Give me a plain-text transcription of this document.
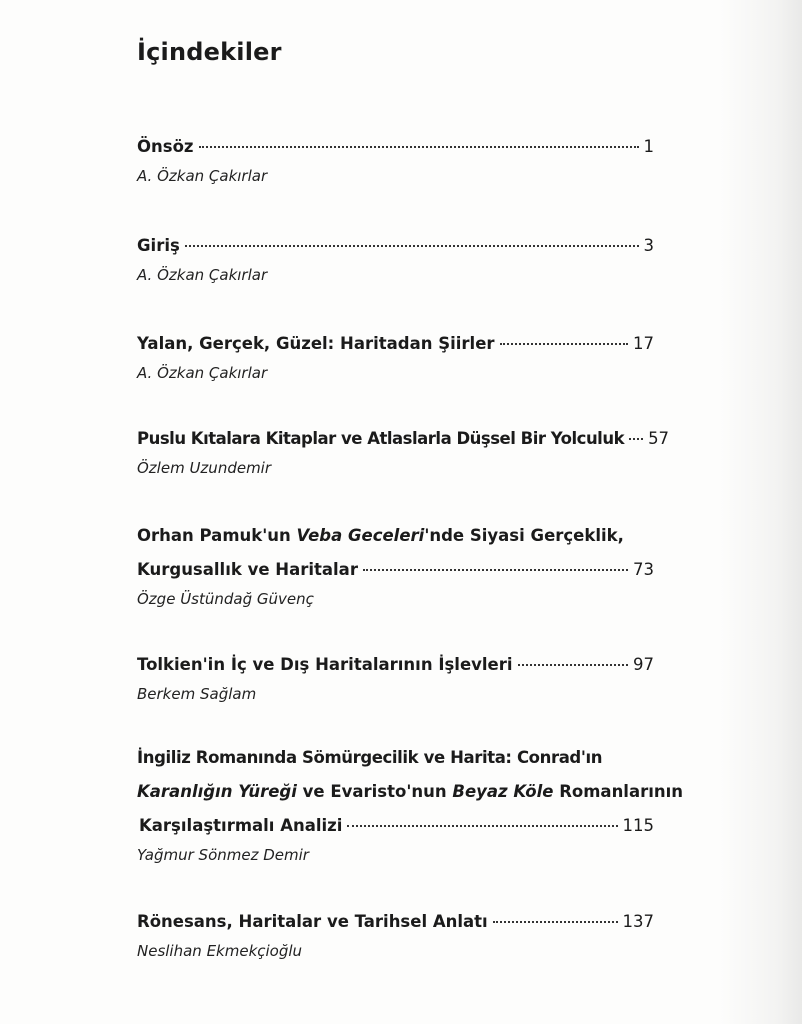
İçindekiler
Önsöz	1
A. Özkan Çakırlar
Giriş	3
A. Özkan Çakırlar
Yalan, Gerçek, Güzel: Haritadan Şiirler	17
A. Özkan Çakırlar
Puslu Kıtalara Kitaplar ve Atlaslarla Düşsel Bir Yolculuk 57
Özlem Uzundemir
Orhan Pamuk'un Veba Geceleri 'nde Siyasi Gerçeklik,
Kurgusallık ve Haritalar	73
Özge Üstündağ Güvenç
Tolkien'in İç ve Dış Haritalarının İşlevleri	97
Berkem Sağlam
İngiliz Romanında Sömürgecilik ve Harita: Conrad'ın
Karanlığın Yüreği ve Evaristo'nun Beyaz Köle Romanlarının
Karşılaştırmalı Analizi	115
Yağmur Sönmez Demir
Rönesans, Haritalar ve Tarihsel Anlatı	137
Neslihan Ekmekçioğlu
